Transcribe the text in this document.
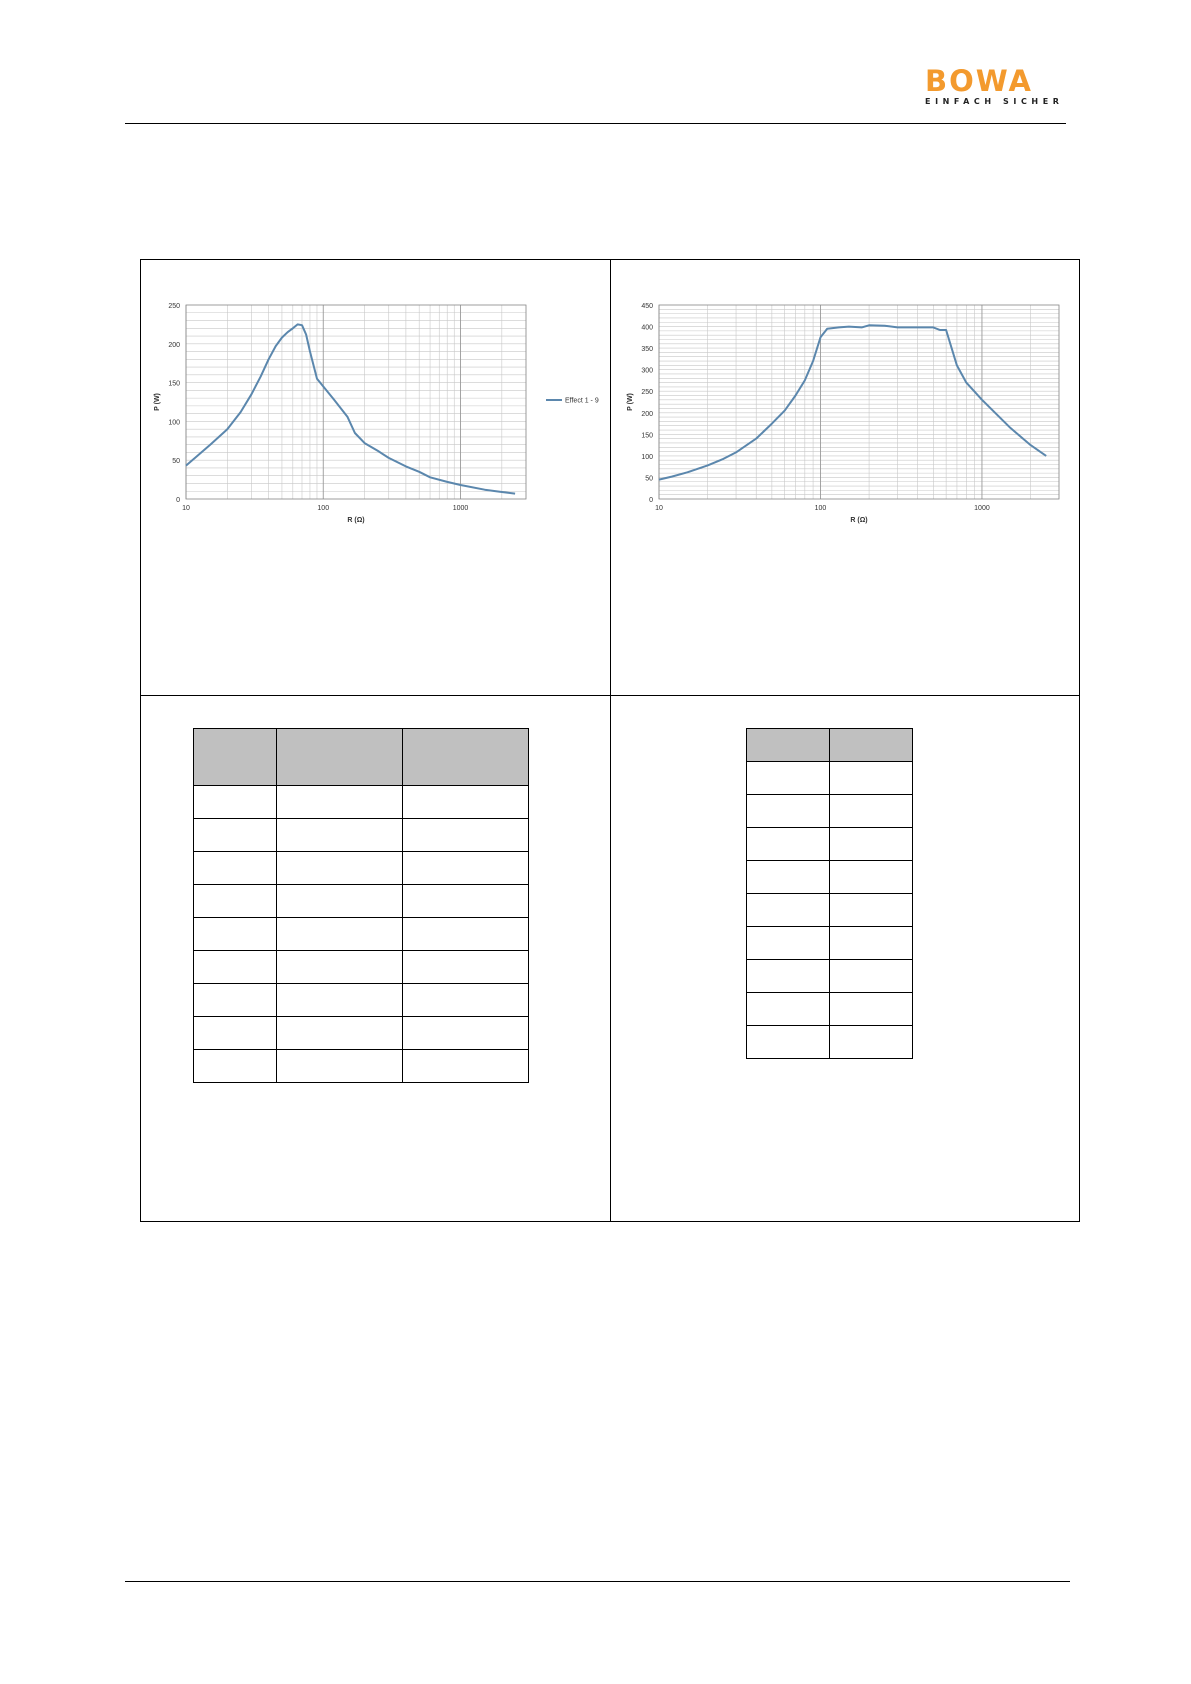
BOWA
EINFACH SICHER
0
50
100
150
200
250
10	100	1000
R (Ω)
P (W)	Effect 1 - 9
0
50
100
150
200
250
300
350
400
450
10	100	1000
R (Ω)
P (W)
